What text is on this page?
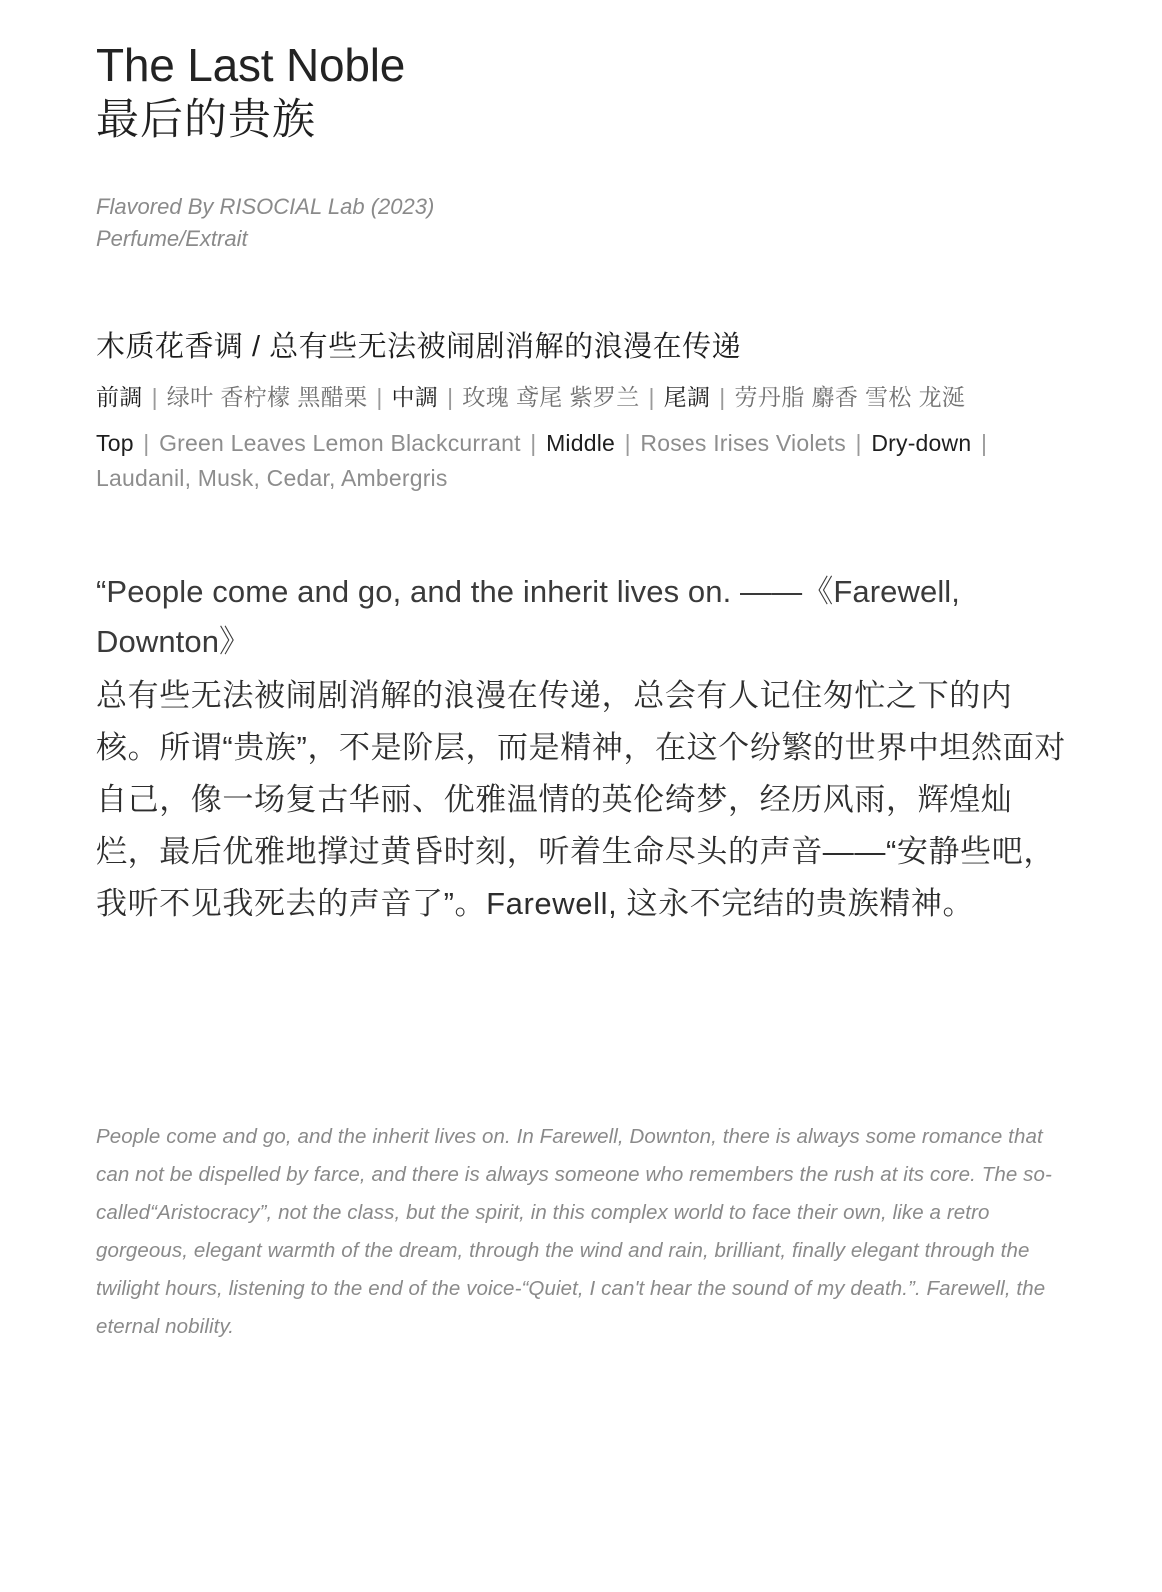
The Last Noble
最后的贵族
Flavored By RISOCIAL Lab (2023)
Perfume/Extrait
木质花香调 / 总有些无法被闹剧消解的浪漫在传递
前調 | 绿叶 香柠檬 黑醋栗 | 中調 | 玫瑰 鸢尾 紫罗兰 | 尾調 | 劳丹脂 麝香 雪松 龙涎
Top | Green Leaves Lemon Blackcurrant | Middle | Roses Irises Violets | Dry-down | Laudanil, Musk, Cedar, Ambergris
“People come and go, and the inherit lives on. ——《Farewell, Downton》
总有些无法被闹剧消解的浪漫在传递，总会有人记住匆忙之下的内核。所谓“贵族”，不是阶层，而是精神，在这个纷繁的世界中坦然面对自己，像一场复古华丽、优雅温情的英伦绮梦，经历风雨，辉煌灿烂，最后优雅地撑过黄昏时刻，听着生命尽头的声音——“安静些吧，我听不见我死去的声音了”。Farewell, 这永不完结的贵族精神。
People come and go, and the inherit lives on. In Farewell, Downton, there is always some romance that can not be dispelled by farce, and there is always someone who remembers the rush at its core. The so-called“Aristocracy”, not the class, but the spirit, in this complex world to face their own, like a retro gorgeous, elegant warmth of the dream, through the wind and rain, brilliant, finally elegant through the twilight hours, listening to the end of the voice-“Quiet, I can't hear the sound of my death.”. Farewell, the eternal nobility.
